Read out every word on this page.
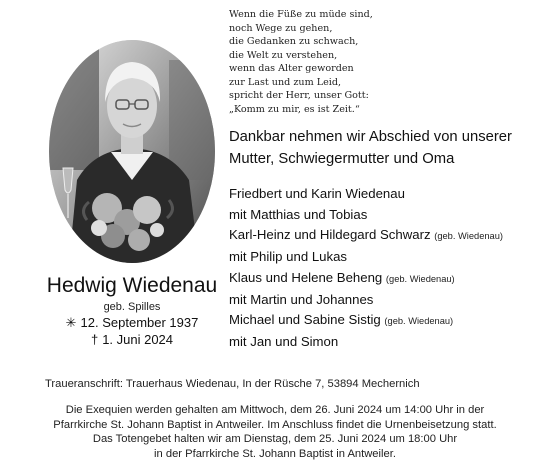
Wenn die Füße zu müde sind,
noch Wege zu gehen,
die Gedanken zu schwach,
die Welt zu verstehen,
wenn das Alter geworden
zur Last und zum Leid,
spricht der Herr, unser Gott:
„Komm zu mir, es ist Zeit.“
Dankbar nehmen wir Abschied von unserer
Mutter, Schwiegermutter und Oma
Friedbert und Karin Wiedenau
mit Matthias und Tobias
Karl-Heinz und Hildegard Schwarz (geb. Wiedenau)
mit Philip und Lukas
Klaus und Helene Beheng (geb. Wiedenau)
mit Martin und Johannes
Michael und Sabine Sistig (geb. Wiedenau)
mit Jan und Simon
Hedwig Wiedenau
geb. Spilles
✳ 12. September 1937
† 1. Juni 2024
Traueranschrift: Trauerhaus Wiedenau, In der Rüsche 7, 53894 Mechernich
Die Exequien werden gehalten am Mittwoch, dem 26. Juni 2024 um 14:00 Uhr in der
Pfarrkirche St. Johann Baptist in Antweiler. Im Anschluss findet die Urnenbeisetzung statt.
Das Totengebet halten wir am Dienstag, dem 25. Juni 2024 um 18:00 Uhr
in der Pfarrkirche St. Johann Baptist in Antweiler.
